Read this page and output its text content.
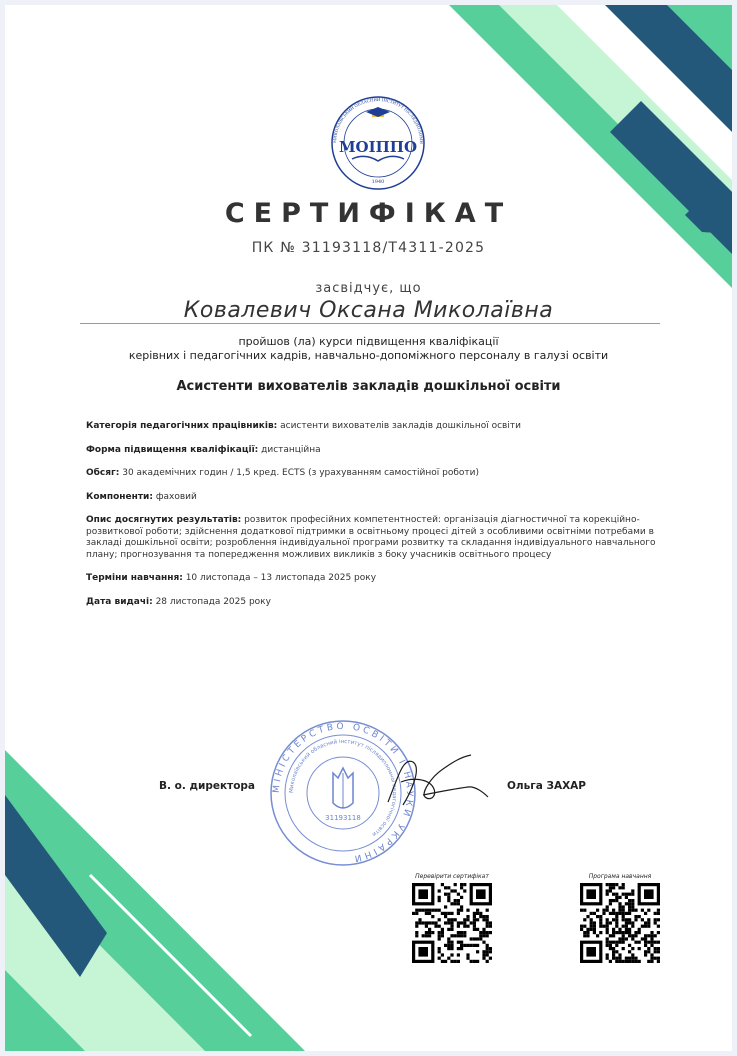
МИКОЛАЇВСЬКИЙ ОБЛАСНИЙ ІНСТИТУТ ПІСЛЯДИПЛОМН
МОІППО
1940
СЕРТИФІКАТ
ПК № 31193118/Т4311-2025
засвідчує, що
Ковалевич Оксана Миколаївна
пройшов (ла) курси підвищення кваліфікації
керівних і педагогічних кадрів, навчально-допоміжного персоналу в галузі освіти
Асистенти вихователів закладів дошкільної освіти

Категорія педагогічних працівників: асистенти вихователів закладів дошкільної освіти

Форма підвищення кваліфікації: дистанційна

Обсяг: 30 академічних годин / 1,5 кред. ECTS (з урахуванням самостійної роботи)

Компоненти: фаховий

Опис досягнутих результатів: розвиток професійних компетентностей: організація діагностичної та корекційно-розвиткової роботи; здійснення додаткової підтримки в освітньому процесі дітей з особливими освітніми потребами в закладі дошкільної освіти; розроблення індивідуальної програми розвитку та складання індивідуального навчального плану; прогнозування та попередження можливих викликів з боку учасників освітнього процесу

Терміни навчання: 10 листопада – 13 листопада 2025 року

Дата видачі: 28 листопада 2025 року

МІНІСТЕРСТВО ОСВІТИ І НАУКИ УКРАЇНИ
Миколаївський обласний інститут післядипломної педагогічної освіти
31193118
В. о. директора	Ольга ЗАХАР
Перевірити сертифікат	Програма навчання
